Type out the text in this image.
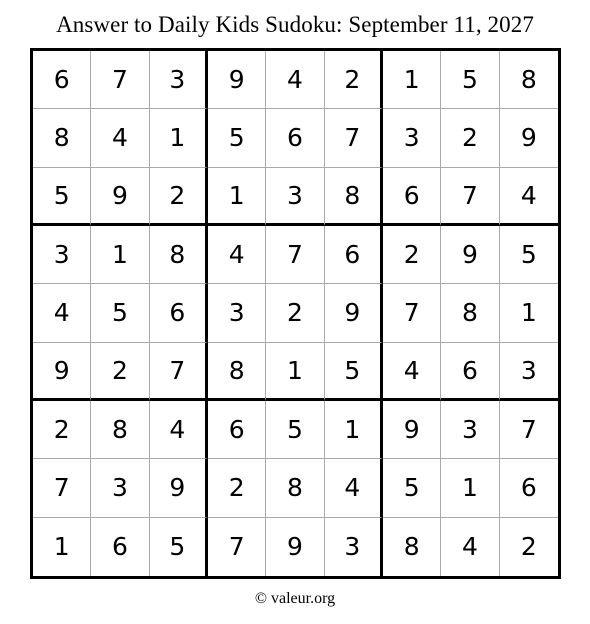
Answer to Daily Kids Sudoku: September 11, 2027
6	7	3	9	4	2	1	5	8
8	4	1	5	6	7	3	2	9
5	9	2	1	3	8	6	7	4
3	1	8	4	7	6	2	9	5
4	5	6	3	2	9	7	8	1
9	2	7	8	1	5	4	6	3
2	8	4	6	5	1	9	3	7
7	3	9	2	8	4	5	1	6
1	6	5	7	9	3	8	4	2
© valeur.org
